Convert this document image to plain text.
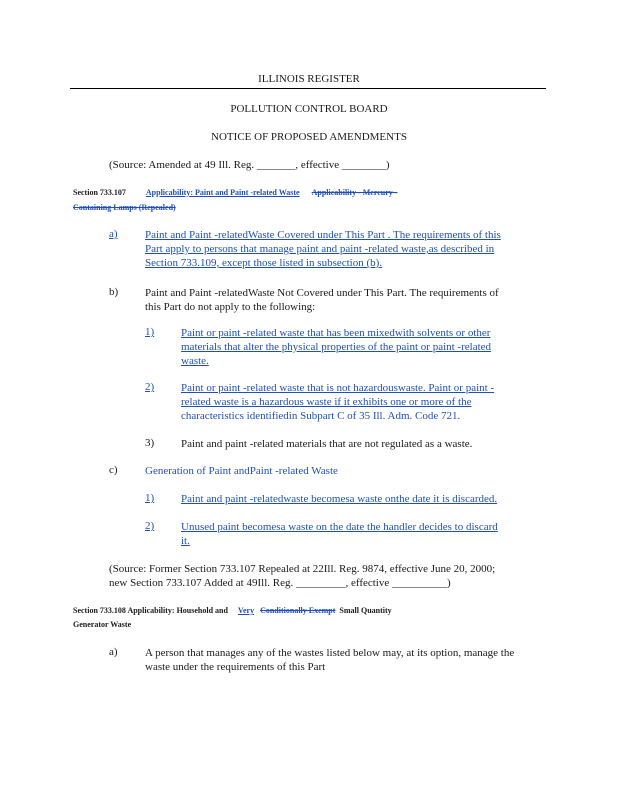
ILLINOIS REGISTER
POLLUTION CONTROL BOARD
NOTICE OF PROPOSED AMENDMENTS
(Source: Amended at 49 Ill. Reg. _______, effective ________)
Section 733.107	Applicability: Paint and Paint -related Waste Applicability - Mercury -
Containing Lamps (Repealed)
a) Paint and Paint -relatedWaste Covered under This Part . The requirements of this

Part apply to persons that manage paint and paint -related waste,as described in

Section 733.109, except those listed in subsection (b).

b) Paint and Paint -relatedWaste Not Covered under This Part. The requirements of

this Part do not apply to the following:

1) Paint or paint -related waste that has been mixedwith solvents or other

materials that alter the physical properties of the paint or paint -related

waste.

2) Paint or paint -related waste that is not hazardouswaste. Paint or paint -

related waste is a hazardous waste if it exhibits one or more of the

characteristics identifiedin Subpart C of 35 Ill. Adm. Code 721.

3) Paint and paint -related materials that are not regulated as a waste.

c) Generation of Paint andPaint -related Waste

1) Paint and paint -relatedwaste becomesa waste onthe date it is discarded.

2) Unused paint becomesa waste on the date the handler decides to discard

it.

(Source: Former Section 733.107 Repealed at 22Ill. Reg. 9874, effective June 20, 2000;

new Section 733.107 Added at 49Ill. Reg. _________, effective __________)

Section 733.108 Applicability: Household and Very Conditionally Exempt Small Quantity
Generator Waste
a) A person that manages any of the wastes listed below may, at its option, manage the

waste under the requirements of this Part
